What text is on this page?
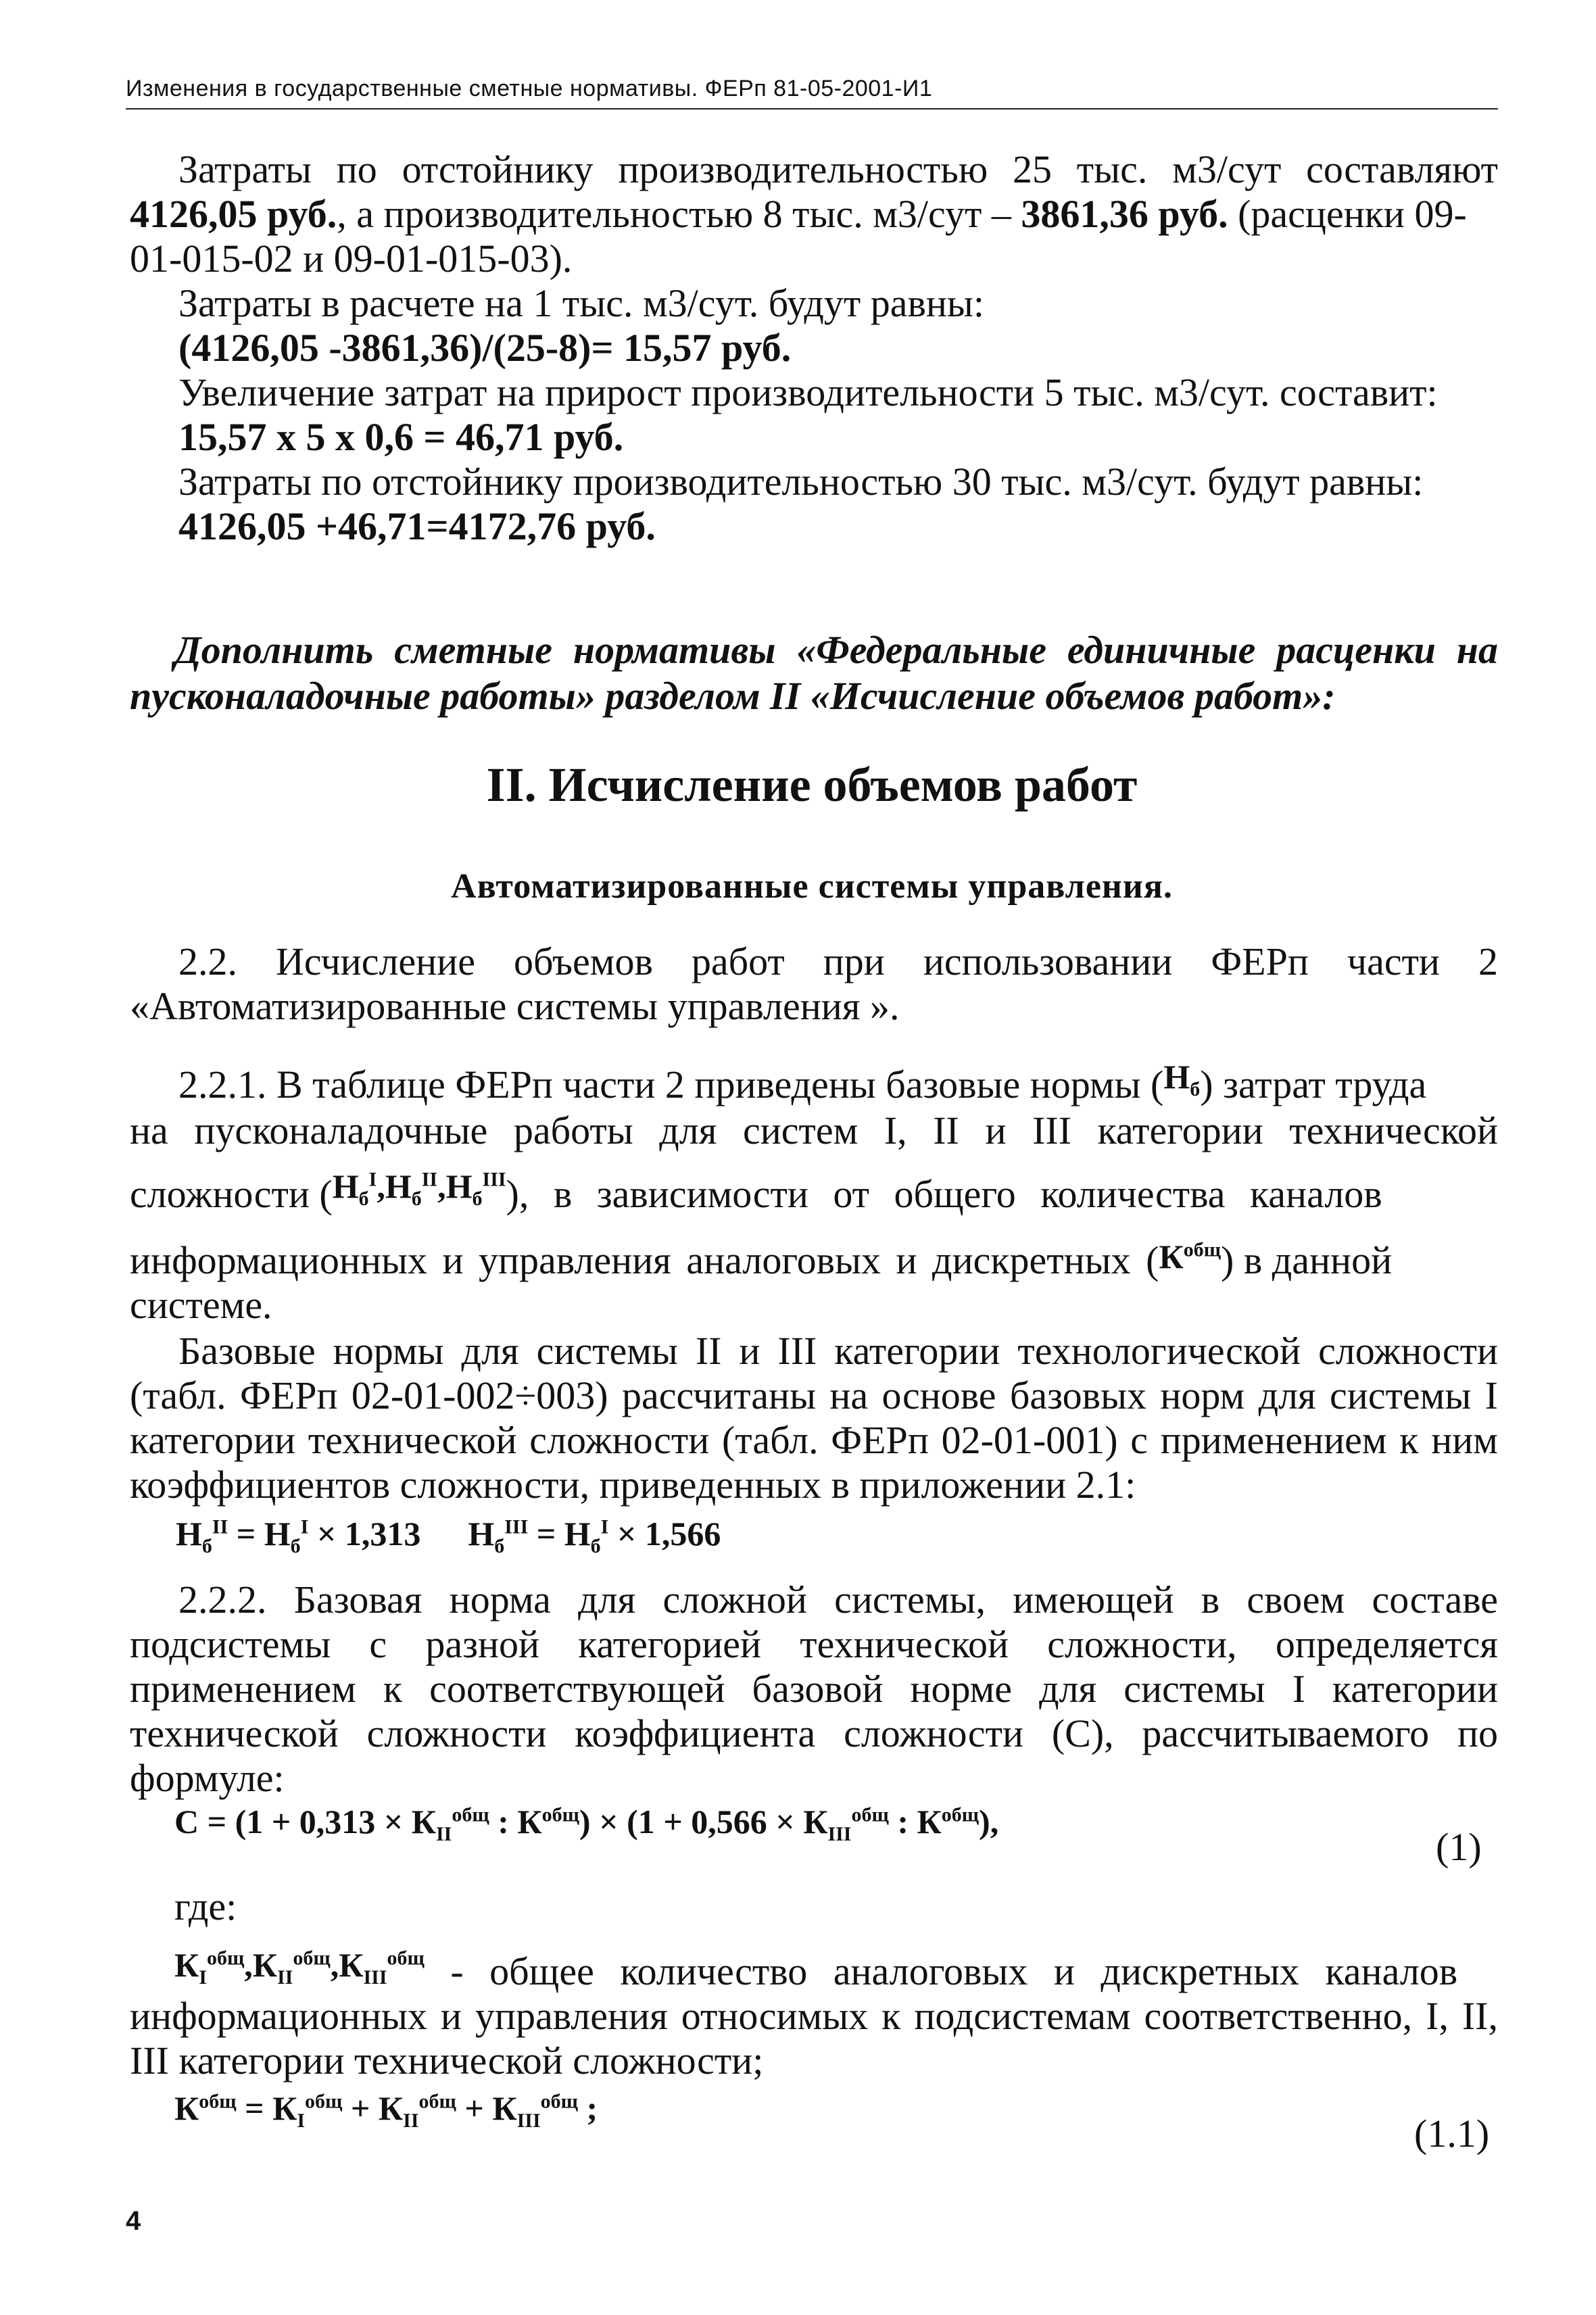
Изменения в государственные сметные нормативы. ФЕРп 81-05-2001-И1
Затраты по отстойнику производительностью 25 тыс. м3/сут составляют
4126,05 руб., а производительностью 8 тыс. м3/сут – 3861,36 руб. (расценки 09-
01-015-02 и 09-01-015-03).
Затраты в расчете на 1 тыс. м3/сут. будут равны:
(4126,05 -3861,36)/(25-8)= 15,57 руб.
Увеличение затрат на прирост производительности 5 тыс. м3/сут. составит:
15,57 х 5 х 0,6 = 46,71 руб.
Затраты по отстойнику производительностью 30 тыс. м3/сут. будут равны:
4126,05 +46,71=4172,76 руб.
Дополнить сметные нормативы «Федеральные единичные расценки на
пусконаладочные работы» разделом II «Исчисление объемов работ»:
II. Исчисление объемов работ
Автоматизированные системы управления.
2.2. Исчисление объемов работ при использовании ФЕРп части 2
«Автоматизированные системы управления ».
2.2.1. В таблице ФЕРп части 2 приведены базовые нормы $(Н_б)$ затрат труда
на пусконаладочные работы для систем I, II и III категории технической
сложности $(Н_б^I,Н_б^{II},Н_б^{III})$, в зависимости от общего количества каналов
информационных и управления аналоговых и дискретных $(К^{общ})$ в данной
системе.
Базовые нормы для системы II и III категории технологической сложности
(табл. ФЕРп 02-01-002÷003) рассчитаны на основе базовых норм для системы I
категории технической сложности (табл. ФЕРп 02-01-001) с применением к ним
коэффициентов сложности, приведенных в приложении 2.1:
$Н_б^{II} = Н_б^I \times 1,313$ $Н_б^{III} = Н_б^I \times 1,566$
2.2.2. Базовая норма для сложной системы, имеющей в своем составе
подсистемы с разной категорией технической сложности, определяется
применением к соответствующей базовой норме для системы I категории
технической сложности коэффициента сложности (С), рассчитываемого по
формуле:
$С = (1 + 0,313 \times К_{II}^{общ}$ : $К^{общ}) \times (1 + 0,566 \times К_{III}^{общ}$ : $К^{общ}$),
(1)
где:
$К_I^{общ},К_{II}^{общ},К_{III}^{общ}$ - общее количество аналоговых и дискретных каналов
информационных и управления относимых к подсистемам соответственно, I, II,
III категории технической сложности;
$К^{общ} = К_I^{общ} + К_{II}^{общ} + К_{III}^{общ}$ ;
(1.1)
4
